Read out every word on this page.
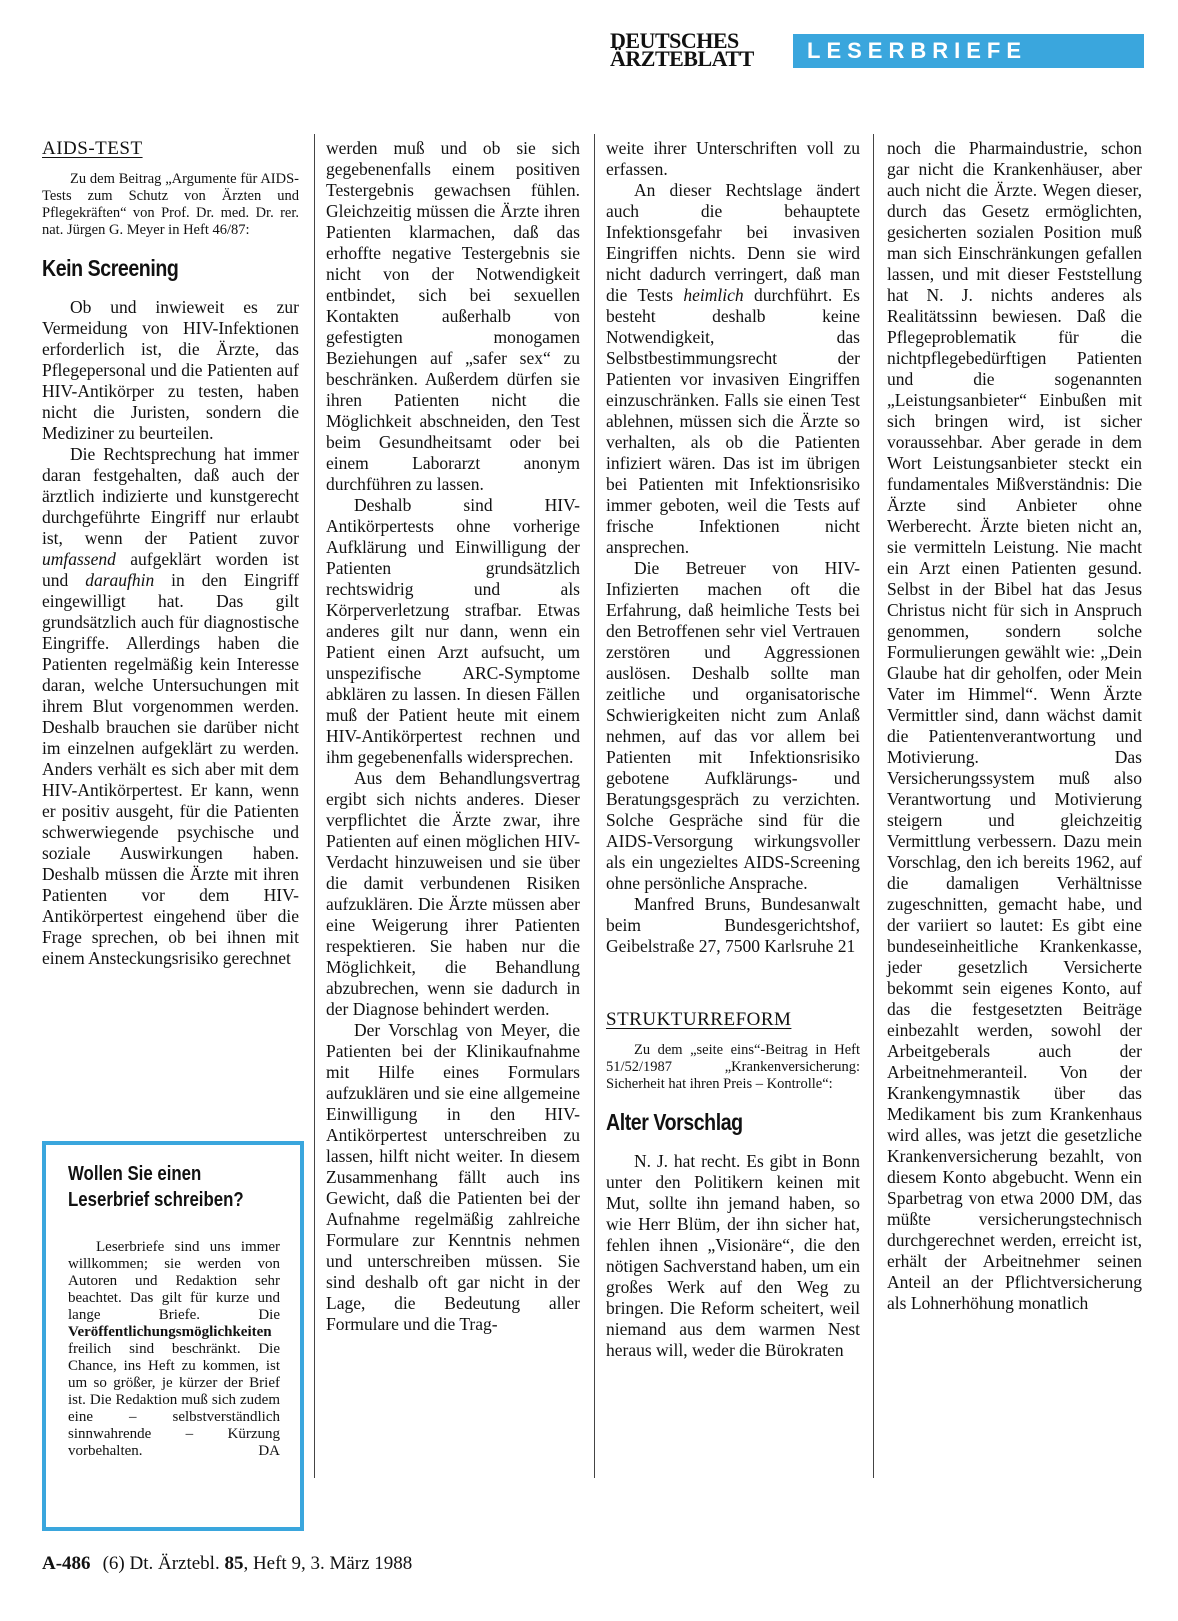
DEUTSCHES
ÄRZTEBLATT	LESERBRIEFE
AIDS-TEST

Zu dem Beitrag „Argumente für AIDS-Tests zum Schutz von Ärzten und Pflegekräften“ von Prof. Dr. med. Dr. rer. nat. Jürgen G. Meyer in Heft 46/87:

Kein Screening

Ob und inwieweit es zur Vermeidung von HIV-Infektionen erforderlich ist, die Ärzte, das Pflegepersonal und die Patienten auf HIV-Antikörper zu testen, haben nicht die Juristen, sondern die Mediziner zu beurteilen.

Die Rechtsprechung hat immer daran festgehalten, daß auch der ärztlich indizierte und kunstgerecht durchgeführte Eingriff nur erlaubt ist, wenn der Patient zuvor umfassend aufgeklärt worden ist und daraufhin in den Eingriff eingewilligt hat. Das gilt grundsätzlich auch für diagnostische Eingriffe. Allerdings haben die Patienten regelmäßig kein Interesse daran, welche Untersuchungen mit ihrem Blut vorgenommen werden. Deshalb brauchen sie darüber nicht im einzelnen aufgeklärt zu werden. Anders verhält es sich aber mit dem HIV-Antikörpertest. Er kann, wenn er positiv ausgeht, für die Patienten schwerwiegende psychische und soziale Auswirkungen haben. Deshalb müssen die Ärzte mit ihren Patienten vor dem HIV-Antikörpertest eingehend über die Frage sprechen, ob bei ihnen mit einem Ansteckungsrisiko gerechnet

Wollen Sie einen
Leserbrief schreiben?
Leserbriefe sind uns immer willkommen; sie werden von Autoren und Redaktion sehr beachtet. Das gilt für kurze und lange Briefe. Die Veröffentlichungsmöglichkeiten freilich sind beschränkt. Die Chance, ins Heft zu kommen, ist um so größer, je kürzer der Brief ist. Die Redaktion muß sich zudem eine – selbstverständlich sinnwahrende – Kürzung vorbehalten.	DA

werden muß und ob sie sich gegebenenfalls einem positiven Testergebnis gewachsen fühlen. Gleichzeitig müssen die Ärzte ihren Patienten klarmachen, daß das erhoffte negative Testergebnis sie nicht von der Notwendigkeit entbindet, sich bei sexuellen Kontakten außerhalb von gefestigten monogamen Beziehungen auf „safer sex“ zu beschränken. Außerdem dürfen sie ihren Patienten nicht die Möglichkeit abschneiden, den Test beim Gesundheitsamt oder bei einem Laborarzt anonym durchführen zu lassen.

Deshalb sind HIV-Antikörpertests ohne vorherige Aufklärung und Einwilligung der Patienten grundsätzlich rechtswidrig und als Körperverletzung strafbar. Etwas anderes gilt nur dann, wenn ein Patient einen Arzt aufsucht, um unspezifische ARC-Symptome abklären zu lassen. In diesen Fällen muß der Patient heute mit einem HIV-Antikörpertest rechnen und ihm gegebenenfalls widersprechen.

Aus dem Behandlungsvertrag ergibt sich nichts anderes. Dieser verpflichtet die Ärzte zwar, ihre Patienten auf einen möglichen HIV-Verdacht hinzuweisen und sie über die damit verbundenen Risiken aufzuklären. Die Ärzte müssen aber eine Weigerung ihrer Patienten respektieren. Sie haben nur die Möglichkeit, die Behandlung abzubrechen, wenn sie dadurch in der Diagnose behindert werden.

Der Vorschlag von Meyer, die Patienten bei der Klinikaufnahme mit Hilfe eines Formulars aufzuklären und sie eine allgemeine Einwilligung in den HIV-Antikörpertest unterschreiben zu lassen, hilft nicht weiter. In diesem Zusammenhang fällt auch ins Gewicht, daß die Patienten bei der Aufnahme regelmäßig zahlreiche Formulare zur Kenntnis nehmen und unterschreiben müssen. Sie sind deshalb oft gar nicht in der Lage, die Bedeutung aller Formulare und die Trag-

weite ihrer Unterschriften voll zu erfassen.

An dieser Rechtslage ändert auch die behauptete Infektionsgefahr bei invasiven Eingriffen nichts. Denn sie wird nicht dadurch verringert, daß man die Tests heimlich durchführt. Es besteht deshalb keine Notwendigkeit, das Selbstbestimmungsrecht der Patienten vor invasiven Eingriffen einzuschränken. Falls sie einen Test ablehnen, müssen sich die Ärzte so verhalten, als ob die Patienten infiziert wären. Das ist im übrigen bei Patienten mit Infektionsrisiko immer geboten, weil die Tests auf frische Infektionen nicht ansprechen.

Die Betreuer von HIV-Infizierten machen oft die Erfahrung, daß heimliche Tests bei den Betroffenen sehr viel Vertrauen zerstören und Aggressionen auslösen. Deshalb sollte man zeitliche und organisatorische Schwierigkeiten nicht zum Anlaß nehmen, auf das vor allem bei Patienten mit Infektionsrisiko gebotene Aufklärungs- und Beratungsgespräch zu verzichten. Solche Gespräche sind für die AIDS-Versorgung wirkungsvoller als ein ungezieltes AIDS-Screening ohne persönliche Ansprache.

Manfred Bruns, Bundesanwalt beim Bundesgerichtshof, Geibelstraße 27, 7500 Karlsruhe 21

STRUKTURREFORM

Zu dem „seite eins“-Beitrag in Heft 51/52/1987 „Krankenversicherung: Sicherheit hat ihren Preis – Kontrolle“:

Alter Vorschlag

N. J. hat recht. Es gibt in Bonn unter den Politikern keinen mit Mut, sollte ihn jemand haben, so wie Herr Blüm, der ihn sicher hat, fehlen ihnen „Visionäre“, die den nötigen Sachverstand haben, um ein großes Werk auf den Weg zu bringen. Die Reform scheitert, weil niemand aus dem warmen Nest heraus will, weder die Bürokraten

noch die Pharmaindustrie, schon gar nicht die Krankenhäuser, aber auch nicht die Ärzte. Wegen dieser, durch das Gesetz ermöglichten, gesicherten sozialen Position muß man sich Einschränkungen gefallen lassen, und mit dieser Feststellung hat N. J. nichts anderes als Realitätssinn bewiesen. Daß die Pflegeproblematik für die nichtpflegebedürftigen Patienten und die sogenannten „Leistungsanbieter“ Einbußen mit sich bringen wird, ist sicher voraussehbar. Aber gerade in dem Wort Leistungsanbieter steckt ein fundamentales Mißverständnis: Die Ärzte sind Anbieter ohne Werberecht. Ärzte bieten nicht an, sie vermitteln Leistung. Nie macht ein Arzt einen Patienten gesund. Selbst in der Bibel hat das Jesus Christus nicht für sich in Anspruch genommen, sondern solche Formulierungen gewählt wie: „Dein Glaube hat dir geholfen, oder Mein Vater im Himmel“. Wenn Ärzte Vermittler sind, dann wächst damit die Patientenverantwortung und Motivierung. Das Versicherungssystem muß also Verantwortung und Motivierung steigern und gleichzeitig Vermittlung verbessern. Dazu mein Vorschlag, den ich bereits 1962, auf die damaligen Verhältnisse zugeschnitten, gemacht habe, und der variiert so lautet: Es gibt eine bundeseinheitliche Krankenkasse, jeder gesetzlich Versicherte bekommt sein eigenes Konto, auf das die festgesetzten Beiträge einbezahlt werden, sowohl der Arbeitgeberals auch der Arbeitnehmeranteil. Von der Krankengymnastik über das Medikament bis zum Krankenhaus wird alles, was jetzt die gesetzliche Krankenversicherung bezahlt, von diesem Konto abgebucht. Wenn ein Sparbetrag von etwa 2000 DM, das müßte versicherungstechnisch durchgerechnet werden, erreicht ist, erhält der Arbeitnehmer seinen Anteil an der Pflichtversicherung als Lohnerhöhung monatlich

A-486 (6) Dt. Ärztebl. 85, Heft 9, 3. März 1988
